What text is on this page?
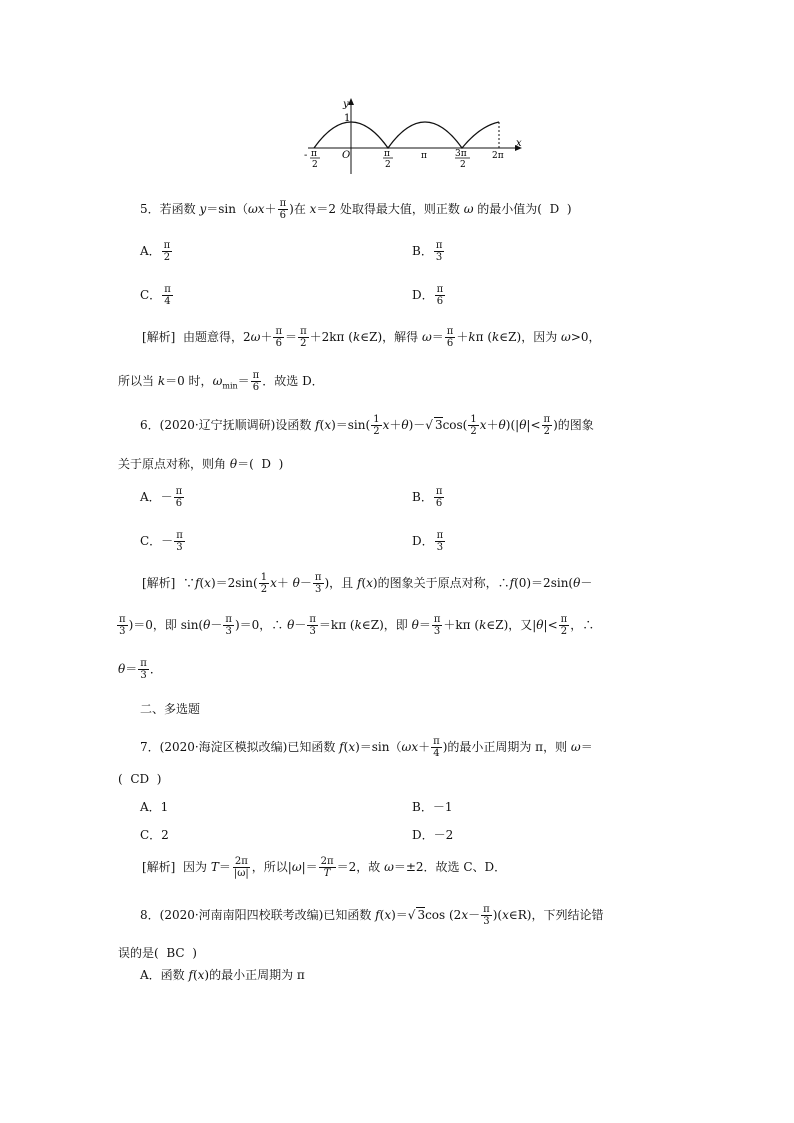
y
x
1
O
- π
2
π
2
π	3π
2
2π
5．若函数 $y=\sin(\omega x+ \frac{\pi}{6}$ )在 x＝2 处取得最大值，则正数 ω 的最小值为( D )
A． $\frac{\pi}{2}$	B． $\frac{\pi}{3}$
C． $\frac{\pi}{4}$	D． $\frac{\pi}{6}$
[解析] 由题意得，$2\omega+ \frac{\pi}{6} = \frac{\pi}{2} +2k\pi$ (k∈Z)，解得 $\omega= \frac{\pi}{6} +k\pi$ (k∈Z)，因为 ω>0，
所以当 k＝0 时，$\omega_{min}= \frac{\pi}{6}$ ．故选 D．
6．(2020·辽宁抚顺调研)设函数 $f(x)=\sin( \frac{1}{2} x+\theta)-√$ $3\cos( \frac{1}{2} x+\theta)(|\theta|< \frac{\pi}{2}$ )的图象
关于原点对称，则角 θ＝( D )
A．－ $\frac{\pi}{6}$	B． $\frac{\pi}{6}$
C．－ $\frac{\pi}{3}$	D． $\frac{\pi}{3}$
[解析] ∵f(x)＝2sin( $\frac{1}{2} x+ \theta- \frac{\pi}{3}$ )，且 f(x)的图象关于原点对称，∴f(0)＝2sin(θ－
$\frac{\pi}{3} )=0$，即 $\sin(\theta- \frac{\pi}{3} )=0$，∴ $\theta- \frac{\pi}{3} =k\pi$ (k∈Z)，即 $\theta= \frac{\pi}{3} +k\pi$ (k∈Z)，又$|\theta|< \frac{\pi}{2}$ ，∴
$\theta= \frac{\pi}{3}$ ．
二、多选题
7．(2020·海淀区模拟改编)已知函数 $f(x)=\sin(\omega x+ \frac{\pi}{4}$ )的最小正周期为 π，则 ω＝
( CD )
A．1	B．－1
C．2	D．－2
[解析] 因为 $T= \frac{2\pi}{|\omega|}$ ，所以$|\omega|= \frac{2\pi}{T} =2$，故 ω＝±2．故选 C、D．
8．(2020·河南南阳四校联考改编)已知函数 f(x)＝√ 3cos ($2x- \frac{\pi}{3}$ )(x∈R)，下列结论错
误的是( BC )
A．函数 f(x)的最小正周期为 π
